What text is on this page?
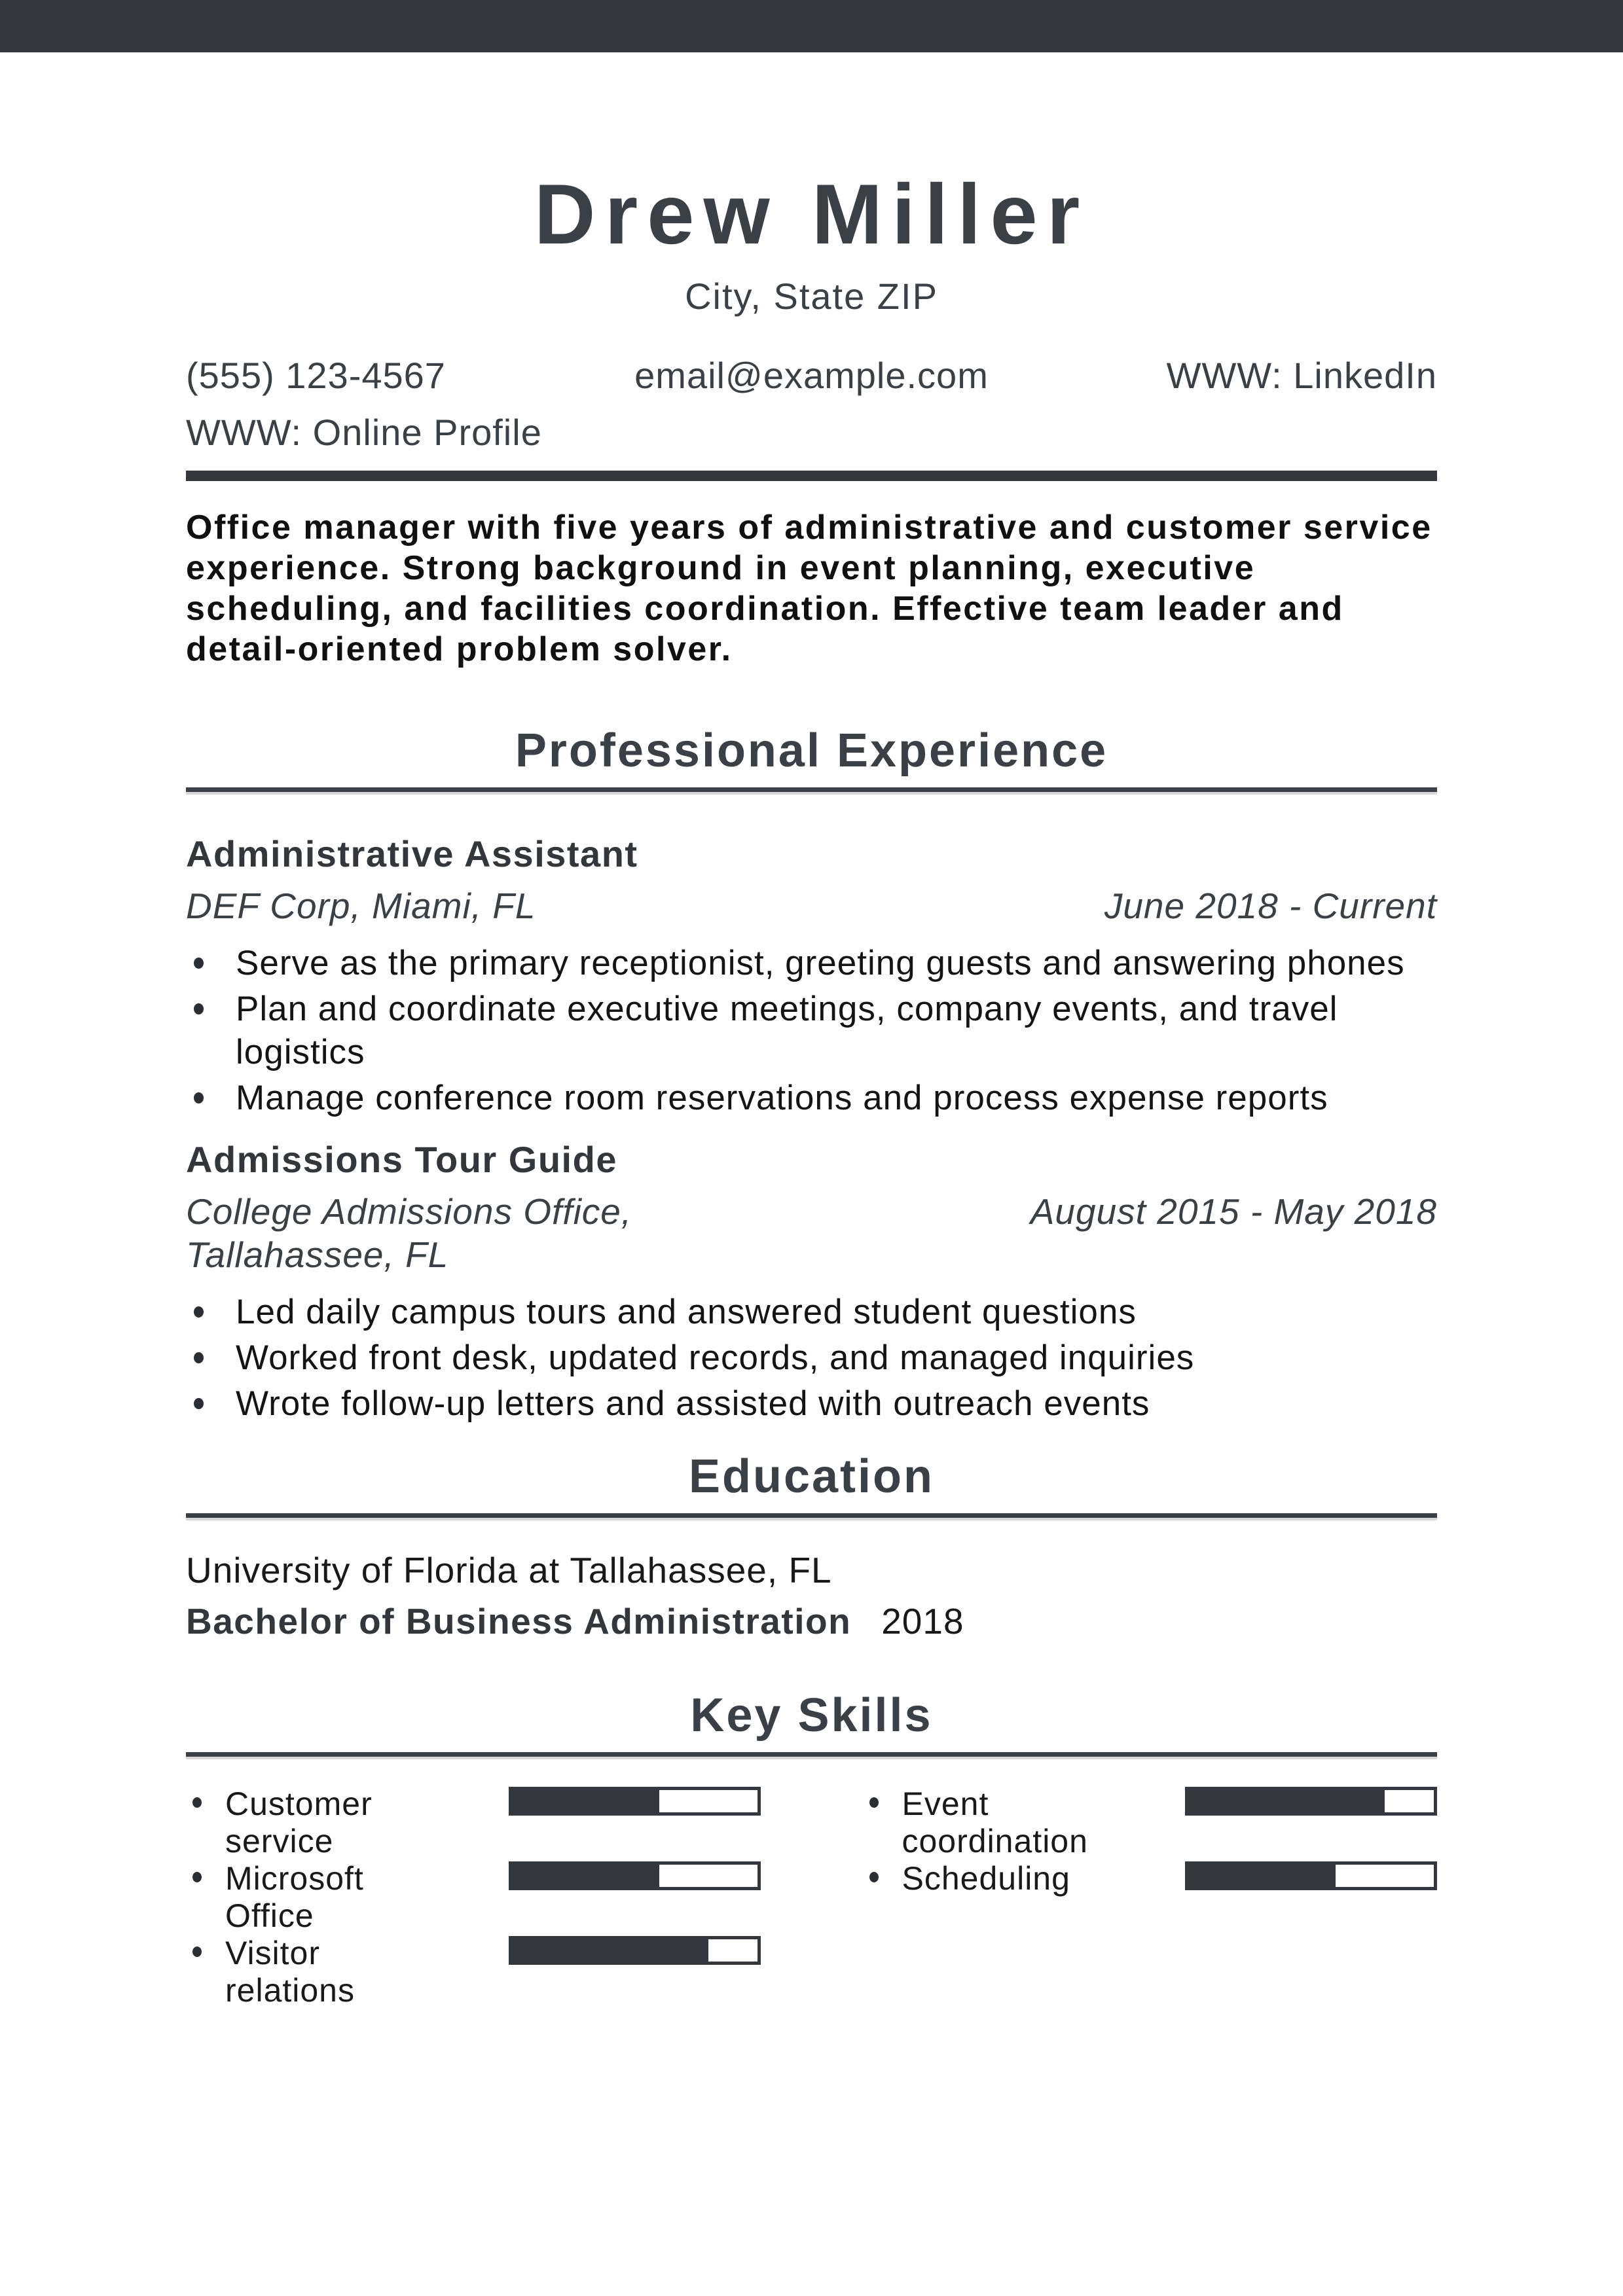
Drew Miller
City, State ZIP
(555) 123-4567	email@example.com	WWW: LinkedIn
WWW: Online Profile
Office manager with five years of administrative and customer service experience. Strong background in event planning, executive scheduling, and facilities coordination. Effective team leader and detail-oriented problem solver.
Professional Experience
Administrative Assistant
DEF Corp, Miami, FL	June 2018 - Current
Serve as the primary receptionist, greeting guests and answering phones
Plan and coordinate executive meetings, company events, and travel logistics
Manage conference room reservations and process expense reports
Admissions Tour Guide
College Admissions Office, Tallahassee, FL
August 2015 - May 2018
Led daily campus tours and answered student questions
Worked front desk, updated records, and managed inquiries
Wrote follow-up letters and assisted with outreach events
Education
University of Florida at Tallahassee, FL
Bachelor of Business Administration 2018
Key Skills
Customer service
Microsoft Office
Visitor relations
Event coordination
Scheduling
